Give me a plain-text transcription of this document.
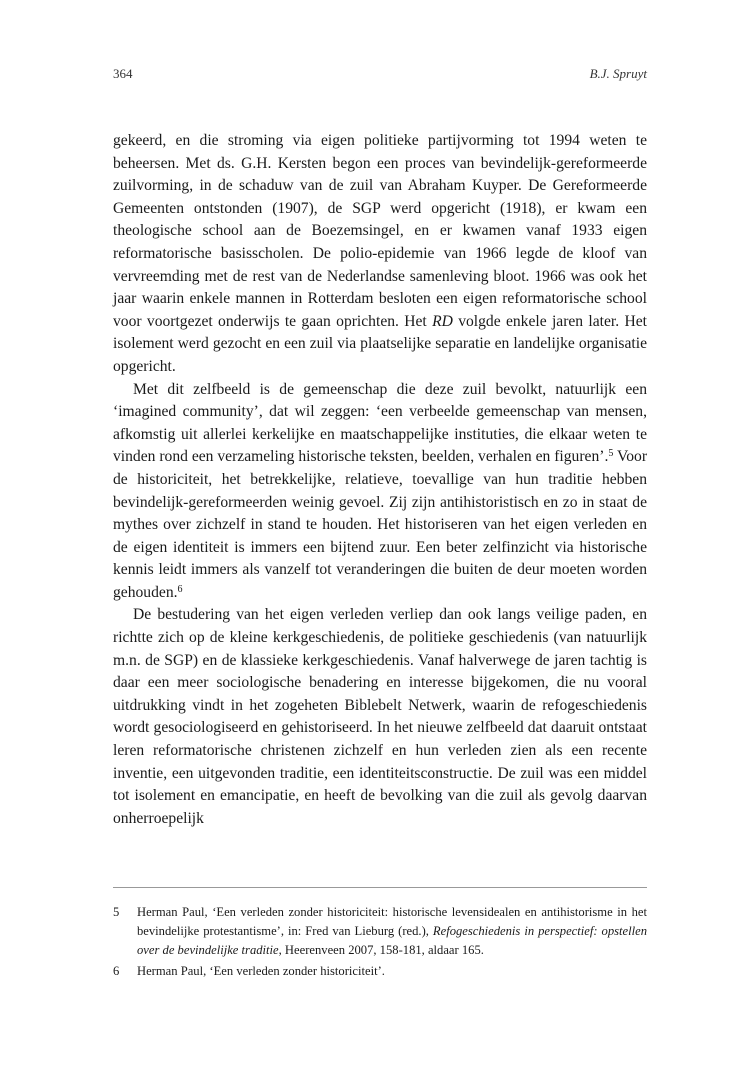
364	B.J. Spruyt

gekeerd, en die stroming via eigen politieke partijvorming tot 1994 weten te beheersen. Met ds. G.H. Kersten begon een proces van bevindelijk-gereformeerde zuilvorming, in de schaduw van de zuil van Abraham Kuyper. De Gereformeerde Gemeenten ontstonden (1907), de SGP werd opgericht (1918), er kwam een theologische school aan de Boezemsingel, en er kwamen vanaf 1933 eigen reformatorische basisscholen. De polio-epidemie van 1966 legde de kloof van vervreemding met de rest van de Nederlandse samenleving bloot. 1966 was ook het jaar waarin enkele mannen in Rotterdam besloten een eigen reformatorische school voor voortgezet onderwijs te gaan oprichten. Het RD volgde enkele jaren later. Het isolement werd gezocht en een zuil via plaatselijke separatie en landelijke organisatie opgericht.

Met dit zelfbeeld is de gemeenschap die deze zuil bevolkt, natuurlijk een ‘imagined community’, dat wil zeggen: ‘een verbeelde gemeenschap van mensen, afkomstig uit allerlei kerkelijke en maatschappelijke instituties, die elkaar weten te vinden rond een verzameling historische teksten, beelden, verhalen en figuren’.$^5$ Voor de historiciteit, het betrekkelijke, relatieve, toevallige van hun traditie hebben bevindelijk-gereformeerden weinig gevoel. Zij zijn antihistoristisch en zo in staat de mythes over zichzelf in stand te houden. Het historiseren van het eigen verleden en de eigen identiteit is immers een bijtend zuur. Een beter zelfinzicht via historische kennis leidt immers als vanzelf tot veranderingen die buiten de deur moeten worden gehouden.$^6$

De bestudering van het eigen verleden verliep dan ook langs veilige paden, en richtte zich op de kleine kerkgeschiedenis, de politieke geschiedenis (van natuurlijk m.n. de SGP) en de klassieke kerkgeschiedenis. Vanaf halverwege de jaren tachtig is daar een meer sociologische benadering en interesse bijgekomen, die nu vooral uitdrukking vindt in het zogeheten Biblebelt Netwerk, waarin de refogeschiedenis wordt gesociologiseerd en gehistoriseerd. In het nieuwe zelfbeeld dat daaruit ontstaat leren reformatorische christenen zichzelf en hun verleden zien als een recente inventie, een uitgevonden traditie, een identiteitsconstructie. De zuil was een middel tot isolement en emancipatie, en heeft de bevolking van die zuil als gevolg daarvan onherroepelijk

5	Herman Paul, ‘Een verleden zonder historiciteit: historische levensidealen en antihistorisme in het bevindelijke protestantisme’, in: Fred van Lieburg (red.), Refogeschiedenis in perspectief: opstellen over de bevindelijke traditie, Heerenveen 2007, 158-181, aldaar 165.
6	Herman Paul, ‘Een verleden zonder historiciteit’.
